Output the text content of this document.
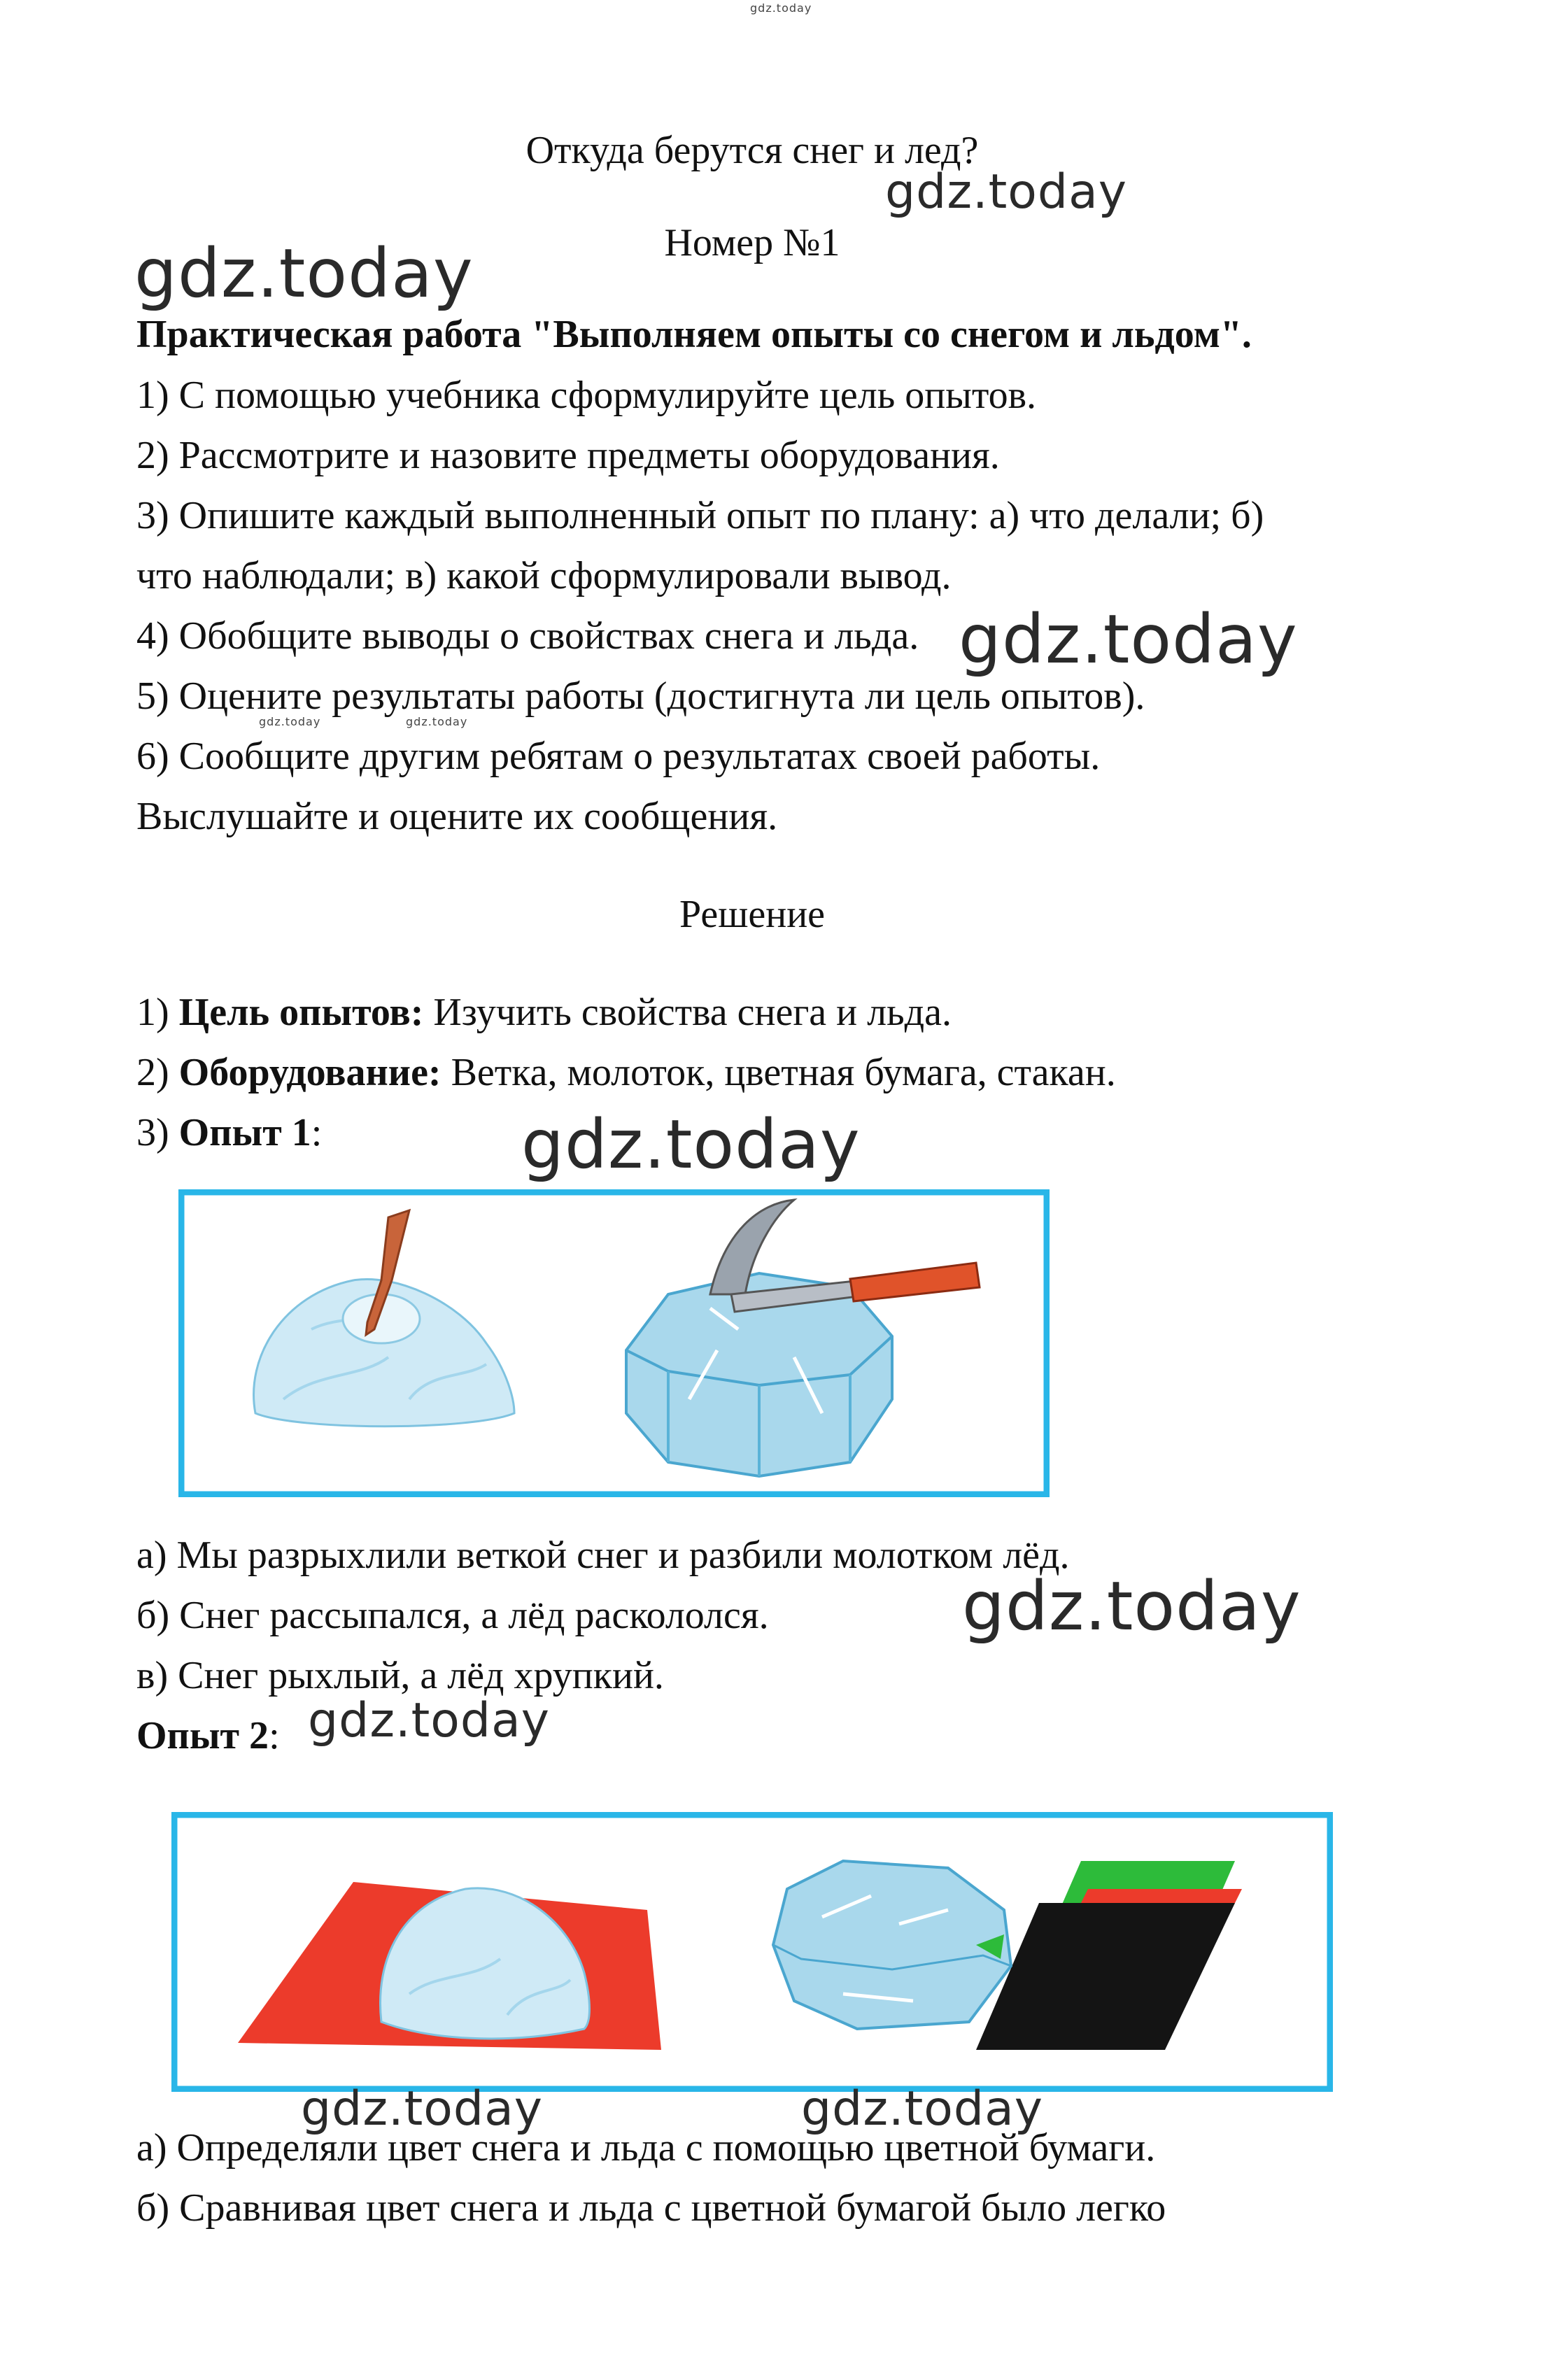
gdz.today
Откуда берутся снег и лед?
gdz.today
Номер №1
gdz.today
Практическая работа "Выполняем опыты со снегом и льдом".
1) С помощью учебника сформулируйте цель опытов.
2) Рассмотрите и назовите предметы оборудования.
3) Опишите каждый выполненный опыт по плану: а) что делали; б)
что наблюдали; в) какой сформулировали вывод.
4) Обобщите выводы о свойствах снега и льда. gdz.today
5) Оцените результаты работы (достигнута ли цель опытов).
gdz.today	gdz.today
6) Сообщите другим ребятам о результатах своей работы.
Выслушайте и оцените их сообщения.
Решение
1) Цель опытов: Изучить свойства снега и льда.
2) Оборудование: Ветка, молоток, цветная бумага, стакан.
3) Опыт 1:	gdz.today
а) Мы разрыхлили веткой снег и разбили молотком лёд.
б) Снег рассыпался, а лёд раскололся.	gdz.today
в) Снег рыхлый, а лёд хрупкий.
Опыт 2: gdz.today
gdz.today	gdz.today
а) Определяли цвет снега и льда с помощью цветной бумаги.
б) Сравнивая цвет снега и льда с цветной бумагой было легко
